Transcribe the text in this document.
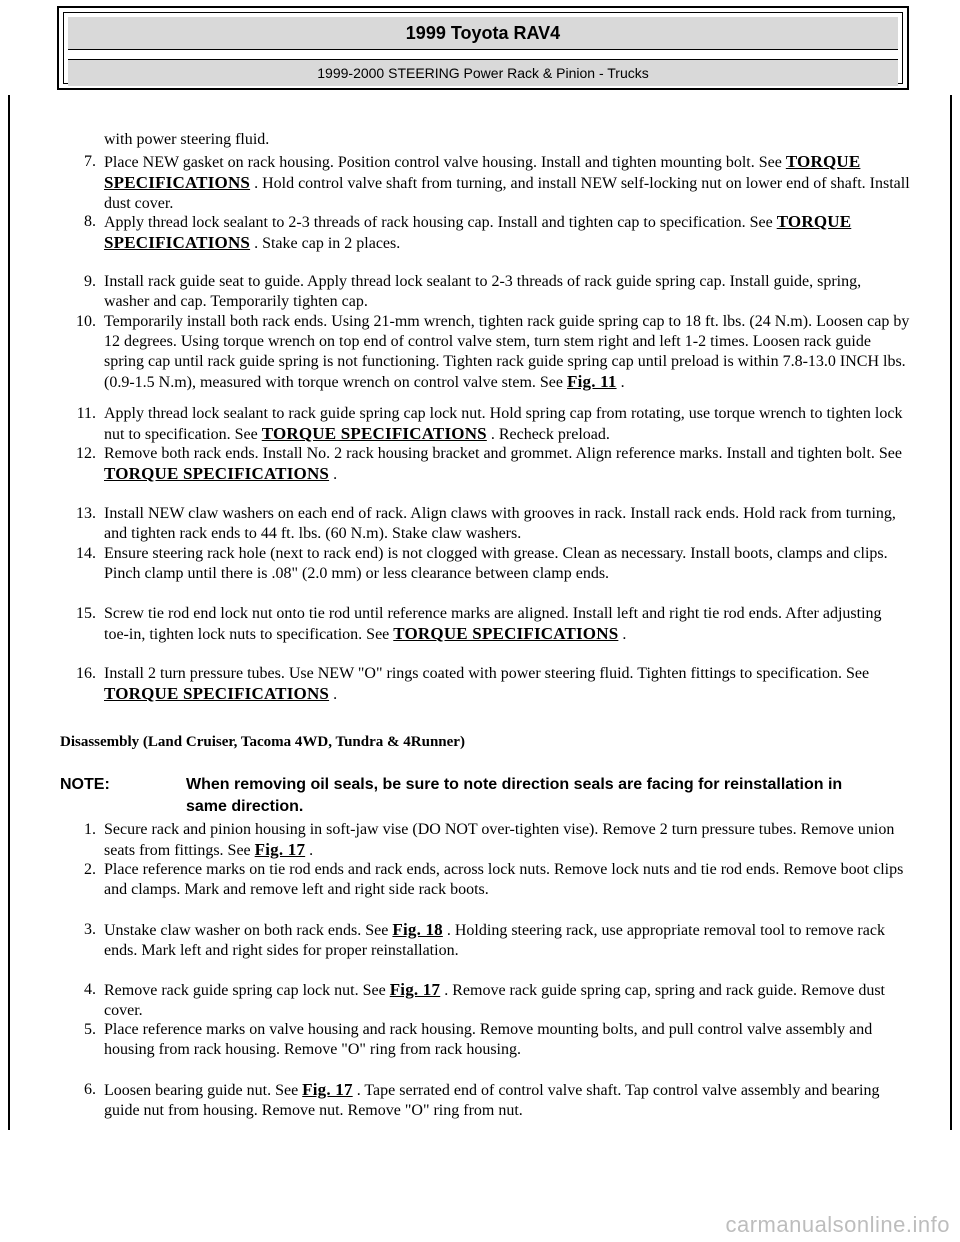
1999 Toyota RAV4
1999-2000 STEERING Power Rack & Pinion - Trucks
with power steering fluid.
7. Place NEW gasket on rack housing. Position control valve housing. Install and tighten mounting bolt. See TORQUE SPECIFICATIONS . Hold control valve shaft from turning, and install NEW self-locking nut on lower end of shaft. Install dust cover.
8. Apply thread lock sealant to 2-3 threads of rack housing cap. Install and tighten cap to specification. See TORQUE SPECIFICATIONS . Stake cap in 2 places.
9. Install rack guide seat to guide. Apply thread lock sealant to 2-3 threads of rack guide spring cap. Install guide, spring, washer and cap. Temporarily tighten cap.
10. Temporarily install both rack ends. Using 21-mm wrench, tighten rack guide spring cap to 18 ft. lbs. (24 N.m). Loosen cap by 12 degrees. Using torque wrench on top end of control valve stem, turn stem right and left 1-2 times. Loosen rack guide spring cap until rack guide spring is not functioning. Tighten rack guide spring cap until preload is within 7.8-13.0 INCH lbs. (0.9-1.5 N.m), measured with torque wrench on control valve stem. See Fig. 11 .
11. Apply thread lock sealant to rack guide spring cap lock nut. Hold spring cap from rotating, use torque wrench to tighten lock nut to specification. See TORQUE SPECIFICATIONS . Recheck preload.
12. Remove both rack ends. Install No. 2 rack housing bracket and grommet. Align reference marks. Install and tighten bolt. See TORQUE SPECIFICATIONS .
13. Install NEW claw washers on each end of rack. Align claws with grooves in rack. Install rack ends. Hold rack from turning, and tighten rack ends to 44 ft. lbs. (60 N.m). Stake claw washers.
14. Ensure steering rack hole (next to rack end) is not clogged with grease. Clean as necessary. Install boots, clamps and clips. Pinch clamp until there is .08" (2.0 mm) or less clearance between clamp ends.
15. Screw tie rod end lock nut onto tie rod until reference marks are aligned. Install left and right tie rod ends. After adjusting toe-in, tighten lock nuts to specification. See TORQUE SPECIFICATIONS .
16. Install 2 turn pressure tubes. Use NEW "O" rings coated with power steering fluid. Tighten fittings to specification. See TORQUE SPECIFICATIONS .
Disassembly (Land Cruiser, Tacoma 4WD, Tundra & 4Runner)
NOTE:	When removing oil seals, be sure to note direction seals are facing for reinstallation in same direction.
1. Secure rack and pinion housing in soft-jaw vise (DO NOT over-tighten vise). Remove 2 turn pressure tubes. Remove union seats from fittings. See Fig. 17 .
2. Place reference marks on tie rod ends and rack ends, across lock nuts. Remove lock nuts and tie rod ends. Remove boot clips and clamps. Mark and remove left and right side rack boots.
3. Unstake claw washer on both rack ends. See Fig. 18 . Holding steering rack, use appropriate removal tool to remove rack ends. Mark left and right sides for proper reinstallation.
4. Remove rack guide spring cap lock nut. See Fig. 17 . Remove rack guide spring cap, spring and rack guide. Remove dust cover.
5. Place reference marks on valve housing and rack housing. Remove mounting bolts, and pull control valve assembly and housing from rack housing. Remove "O" ring from rack housing.
6. Loosen bearing guide nut. See Fig. 17 . Tape serrated end of control valve shaft. Tap control valve assembly and bearing guide nut from housing. Remove nut. Remove "O" ring from nut.
carmanualsonline.info
